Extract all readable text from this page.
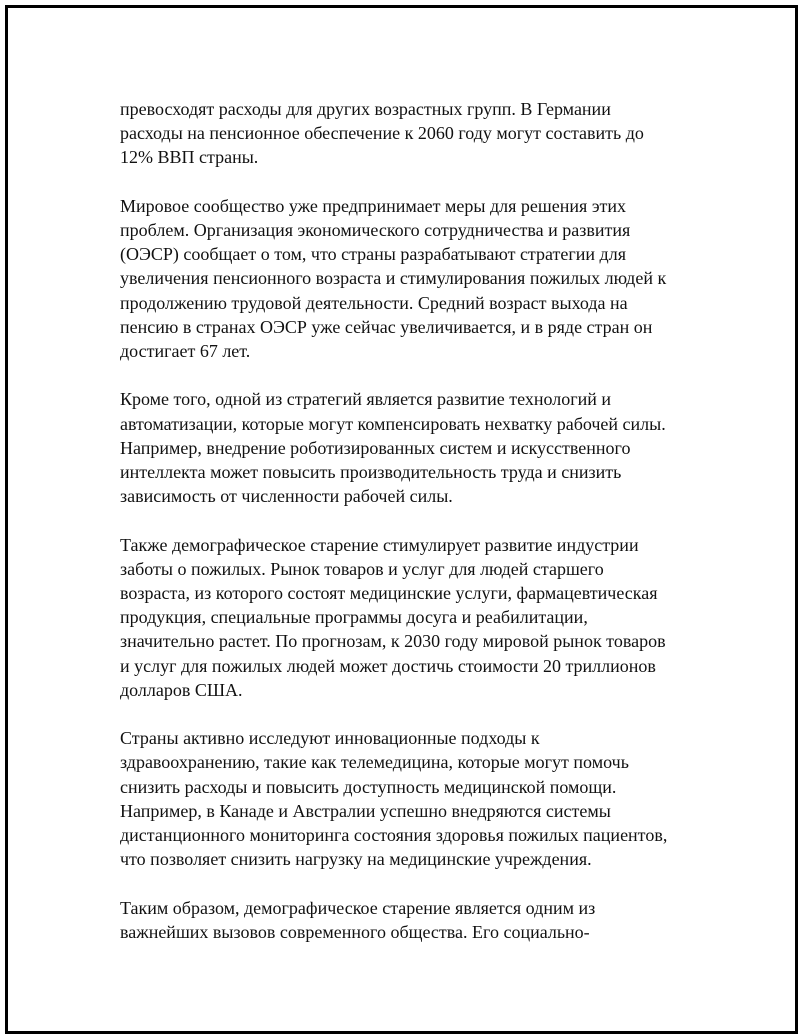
превосходят расходы для других возрастных групп. В Германии
расходы на пенсионное обеспечение к 2060 году могут составить до
12% ВВП страны.

Мировое сообщество уже предпринимает меры для решения этих
проблем. Организация экономического сотрудничества и развития
(ОЭСР) сообщает о том, что страны разрабатывают стратегии для
увеличения пенсионного возраста и стимулирования пожилых людей к
продолжению трудовой деятельности. Средний возраст выхода на
пенсию в странах ОЭСР уже сейчас увеличивается, и в ряде стран он
достигает 67 лет.

Кроме того, одной из стратегий является развитие технологий и
автоматизации, которые могут компенсировать нехватку рабочей силы.
Например, внедрение роботизированных систем и искусственного
интеллекта может повысить производительность труда и снизить
зависимость от численности рабочей силы.

Также демографическое старение стимулирует развитие индустрии
заботы о пожилых. Рынок товаров и услуг для людей старшего
возраста, из которого состоят медицинские услуги, фармацевтическая
продукция, специальные программы досуга и реабилитации,
значительно растет. По прогнозам, к 2030 году мировой рынок товаров
и услуг для пожилых людей может достичь стоимости 20 триллионов
долларов США.

Страны активно исследуют инновационные подходы к
здравоохранению, такие как телемедицина, которые могут помочь
снизить расходы и повысить доступность медицинской помощи.
Например, в Канаде и Австралии успешно внедряются системы
дистанционного мониторинга состояния здоровья пожилых пациентов,
что позволяет снизить нагрузку на медицинские учреждения.

Таким образом, демографическое старение является одним из
важнейших вызовов современного общества. Его социально-
